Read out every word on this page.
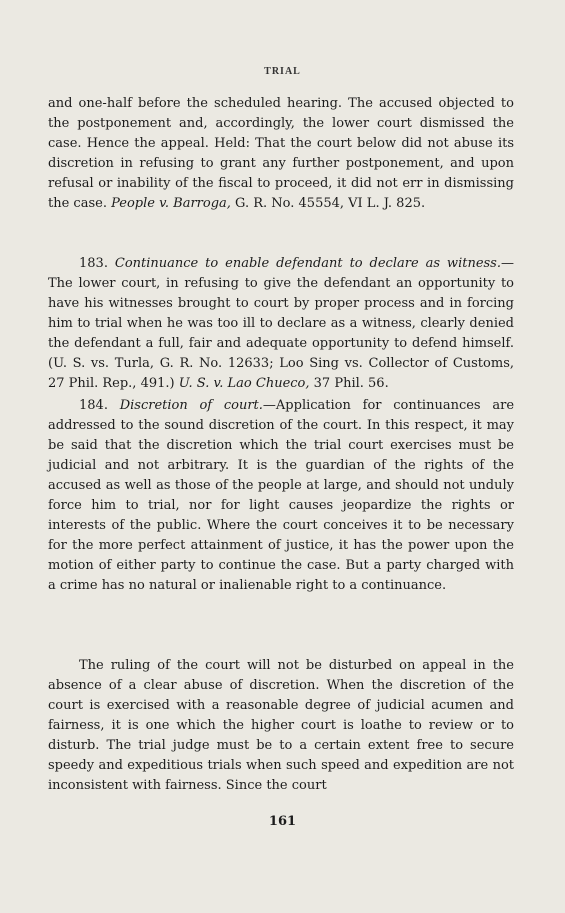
TRIAL

and one-half before the scheduled hearing. The accused objected to the postponement and, accordingly, the lower court dismissed the case. Hence the appeal. Held: That the court below did not abuse its discretion in refusing to grant any further postponement, and upon refusal or inability of the fiscal to proceed, it did not err in dismissing the case. People v. Barroga, G. R. No. 45554, VI L. J. 825.

183. Continuance to enable defendant to declare as witness.—The lower court, in refusing to give the defendant an opportunity to have his witnesses brought to court by proper process and in forcing him to trial when he was too ill to declare as a witness, clearly denied the defendant a full, fair and adequate opportunity to defend himself. (U. S. vs. Turla, G. R. No. 12633; Loo Sing vs. Collector of Customs, 27 Phil. Rep., 491.) U. S. v. Lao Chueco, 37 Phil. 56.

184. Discretion of court.—Application for continuances are addressed to the sound discretion of the court. In this respect, it may be said that the discretion which the trial court exercises must be judicial and not arbitrary. It is the guardian of the rights of the accused as well as those of the people at large, and should not unduly force him to trial, nor for light causes jeopardize the rights or interests of the public. Where the court conceives it to be necessary for the more perfect attainment of justice, it has the power upon the motion of either party to continue the case. But a party charged with a crime has no natural or inalienable right to a continuance.

The ruling of the court will not be disturbed on appeal in the absence of a clear abuse of discretion. When the discretion of the court is exercised with a reasonable degree of judicial acumen and fairness, it is one which the higher court is loathe to review or to disturb. The trial judge must be to a certain extent free to secure speedy and expeditious trials when such speed and expedition are not inconsistent with fairness. Since the court

161
